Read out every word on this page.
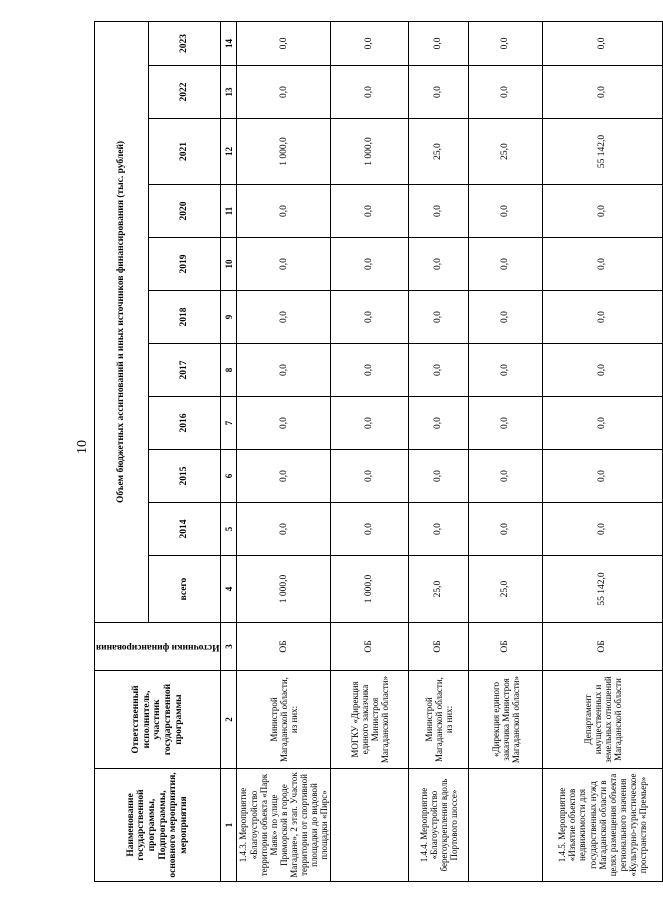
10
Наименование государственной программы, Подпрограммы, основного мероприятия, мероприятия	Ответственный исполнитель, участник государственной программы	Источники финансирования	Объем бюджетных ассигнований и иных источников финансирования (тыс. рублей)										
			всего	2014	2015	2016	2017	2018	2019	2020	2021	2022	2023
1	2	3	4	5	6	7	8	9	10	11	12	13	14
1.4.3. Мероприятие «Благоустройство территории объекта «Парк Маяк» по улице Приморской в городе Магадане», 2 этап. Участок территории от спортивной площадки до видовой площадки «Пирс»	Министрой Магаданской области, из них:	ОБ	1 000,0	0,0	0,0	0,0	0,0	0,0	0,0	0,0	1 000,0	0,0	0,0
	МОГКУ «Дирекция единого заказчика Министроя Магаданской области»	ОБ	1 000,0	0,0	0,0	0,0	0,0	0,0	0,0	0,0	1 000,0	0,0	0,0
1.4.4. Мероприятие «Благоустройство берегоукрепления вдоль Портового шоссе»	Министрой Магаданской области, из них:	ОБ	25,0	0,0	0,0	0,0	0,0	0,0	0,0	0,0	25,0	0,0	0,0
	«Дирекция единого заказчика Министроя Магаданской области»	ОБ	25,0	0,0	0,0	0,0	0,0	0,0	0,0	0,0	25,0	0,0	0,0
1.4.5. Мероприятие «Изъятие объектов недвижимости для государственных нужд Магаданской области в целях размещения объекта регионального значения «Культурно-туристическое пространство «Премьер»	Департамент имущественных и земельных отношений Магаданской области	ОБ	55 142,0	0,0	0,0	0,0	0,0	0,0	0,0	0,0	55 142,0	0,0	0,0
